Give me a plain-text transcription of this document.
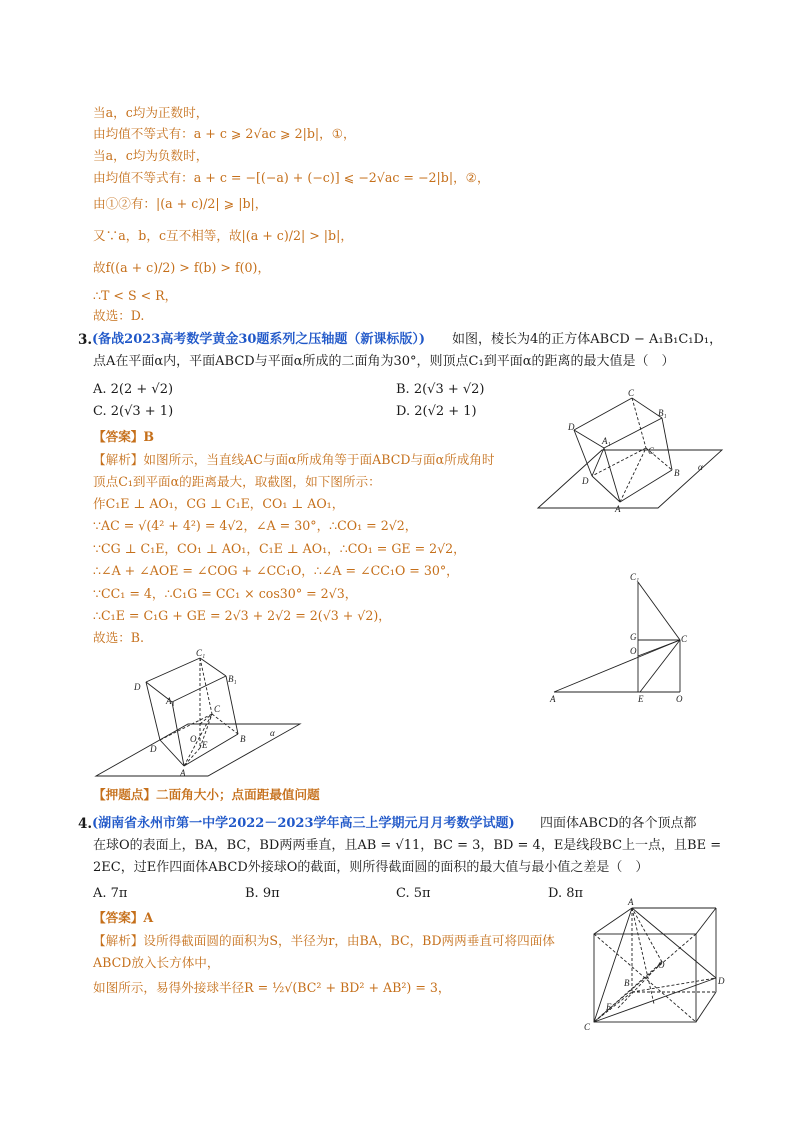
当a，c均为正数时，
由均值不等式有：a + c ⩾ 2√ac ⩾ 2|b|，①，
当a，c均为负数时，
由均值不等式有：a + c = −[(−a) + (−c)] ⩽ −2√ac = −2|b|，②，
由①②有：|(a + c)/2| ⩾ |b|，
又∵a，b，c互不相等，故|(a + c)/2| > |b|，
故f((a + c)/2) > f(b) > f(0)，
∴T < S < R，
故选：D.
3. (备战2023高考数学黄金30题系列之压轴题（新课标版）) 如图，棱长为4的正方体ABCD − A₁B₁C₁D₁，
点A在平面α内，平面ABCD与平面α所成的二面角为30°，则顶点C₁到平面α的距离的最大值是（　）
A. 2(2 + √2)	B. 2(√3 + √2)
C. 2(√3 + 1)	D. 2(√2 + 1)
【答案】B
【解析】如图所示，当直线AC与面α所成角等于面ABCD与面α所成角时
顶点C₁到平面α的距离最大，取截图，如下图所示：
作C₁E ⊥ AO₁，CG ⊥ C₁E，CO₁ ⊥ AO₁，
∵AC = √(4² + 4²) = 4√2，∠A = 30°，∴CO₁ = 2√2，
∵CG ⊥ C₁E，CO₁ ⊥ AO₁，C₁E ⊥ AO₁，∴CO₁ = GE = 2√2，
∴∠A + ∠AOE = ∠COG + ∠CC₁O，∴∠A = ∠CC₁O = 30°，
∵CC₁ = 4，∴C₁G = CC₁ × cos30° = 2√3，
∴C₁E = C₁G + GE = 2√3 + 2√2 = 2(√3 + √2)，
故选：B.
C
B₁
D
A₁
C
B
α
D
A
C₁
G
O
C
A	E	O
C₁
D
B₁
A₁
C
O
E
B
D
A
α
【押题点】二面角大小；点面距最值问题
4. (湖南省永州市第一中学2022－2023学年高三上学期元月月考数学试题) 四面体ABCD的各个顶点都
在球O的表面上，BA，BC，BD两两垂直，且AB = √11，BC = 3，BD = 4，E是线段BC上一点，且BE =
2EC，过E作四面体ABCD外接球O的截面，则所得截面圆的面积的最大值与最小值之差是（　）
A. 7π	B. 9π	C. 5π	D. 8π
【答案】A
【解析】设所得截面圆的面积为S，半径为r，由BA，BC，BD两两垂直可将四面体
ABCD放入长方体中，
如图所示，易得外接球半径R = ½√(BC² + BD² + AB²) = 3，
A
B
O
E
D
C
